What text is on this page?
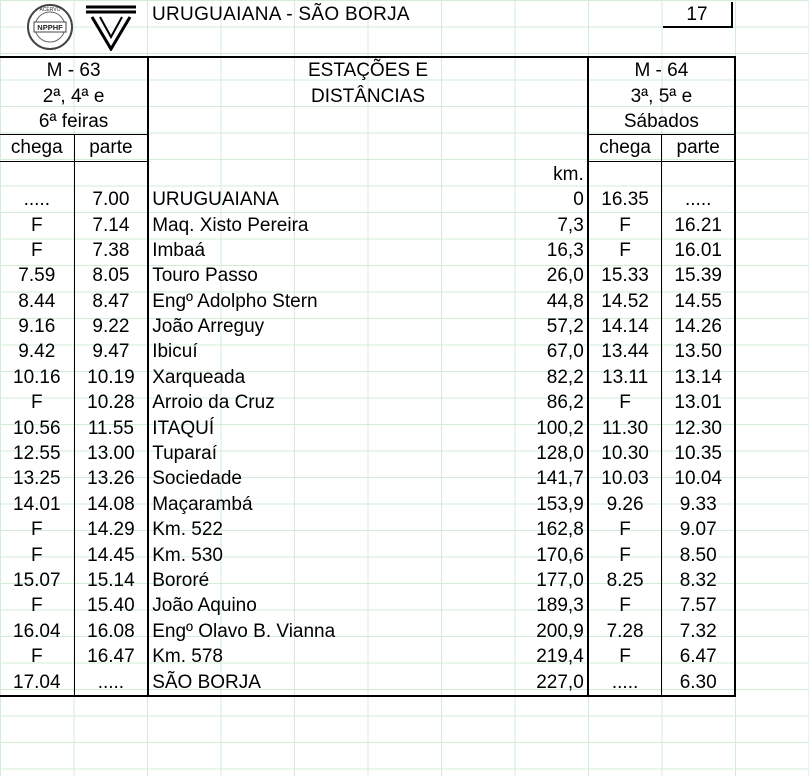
NPPHF
ACERVO	URUGUAIANA - SÃO BORJA	17
M - 63		ESTAÇÕES E		M - 64	
2ª, 4ª e		DISTÂNCIAS		3ª, 5ª e	
6ª feiras				Sábados	
chega	parte			chega	parte
			km.		
.....	7.00	URUGUAIANA	0	16.35	.....
F	7.14	Maq. Xisto Pereira	7,3	F	16.21
F	7.38	Imbaá	16,3	F	16.01
7.59	8.05	Touro Passo	26,0	15.33	15.39
8.44	8.47	Engº Adolpho Stern	44,8	14.52	14.55
9.16	9.22	João Arreguy	57,2	14.14	14.26
9.42	9.47	Ibicuí	67,0	13.44	13.50
10.16	10.19	Xarqueada	82,2	13.11	13.14
F	10.28	Arroio da Cruz	86,2	F	13.01
10.56	11.55	ITAQUÍ	100,2	11.30	12.30
12.55	13.00	Tuparaí	128,0	10.30	10.35
13.25	13.26	Sociedade	141,7	10.03	10.04
14.01	14.08	Maçarambá	153,9	9.26	9.33
F	14.29	Km. 522	162,8	F	9.07
F	14.45	Km. 530	170,6	F	8.50
15.07	15.14	Bororé	177,0	8.25	8.32
F	15.40	João Aquino	189,3	F	7.57
16.04	16.08	Engº Olavo B. Vianna	200,9	7.28	7.32
F	16.47	Km. 578	219,4	F	6.47
17.04	.....	SÃO BORJA	227,0	.....	6.30
